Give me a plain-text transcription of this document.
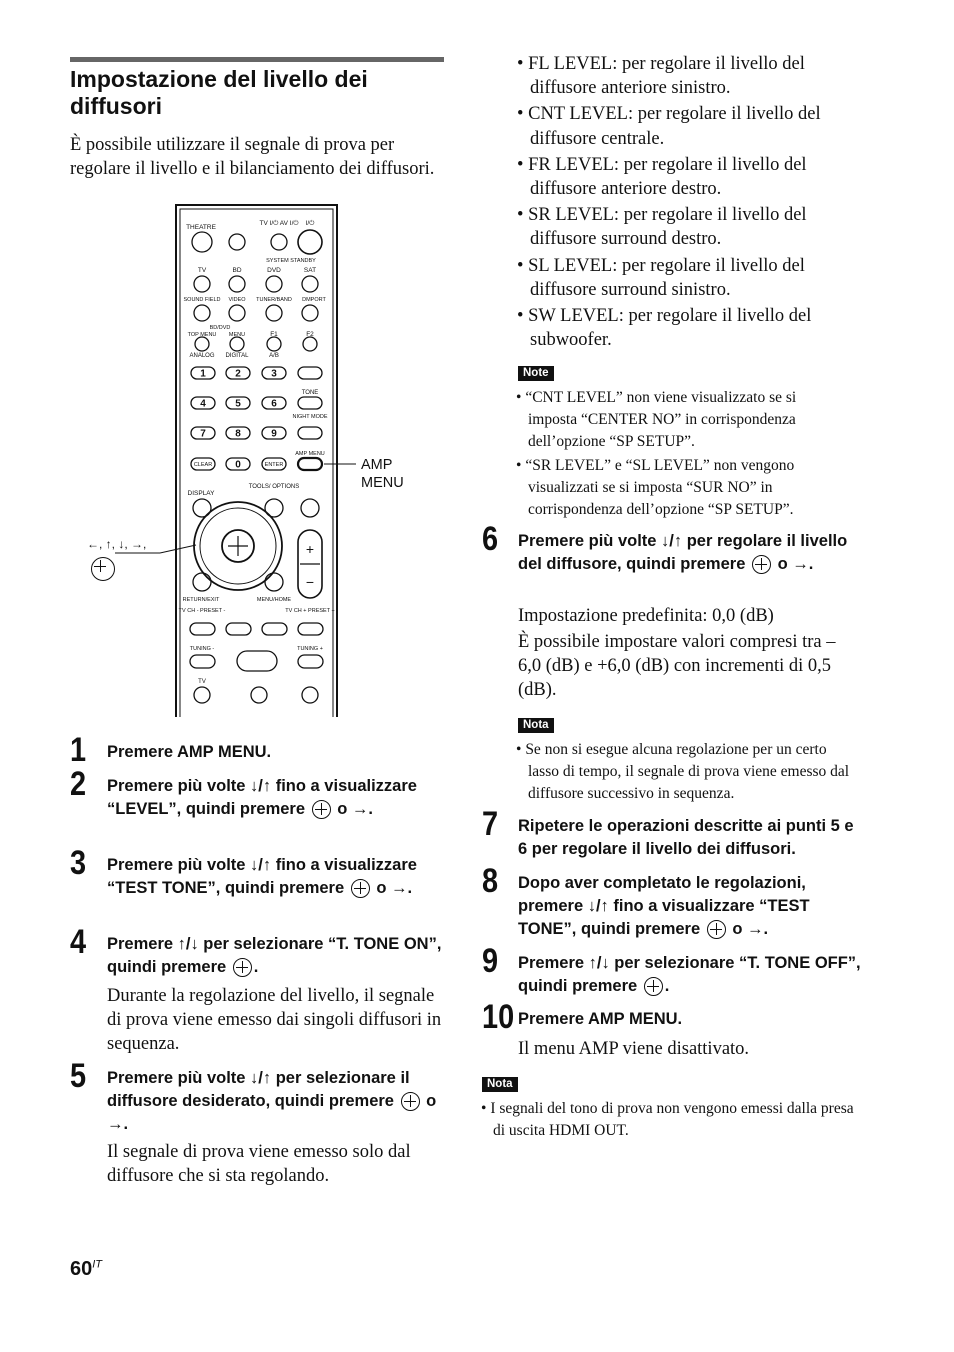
Impostazione del livello dei diffusori
È possibile utilizzare il segnale di prova per regolare il livello e il bilanciamento dei diffusori.
THEATRE
TV I/⏻ AV I/⏻ I/⏻
SYSTEM STANDBY
TV	BD	DVD	SAT
SOUND FIELD VIDEO TUNER/BAND DMPORT
BD/DVD
TOP MENU MENU	F1	F2
ANALOG DIGITAL	A/B
1	2	3
TONE
4	5	6
NIGHT MODE
7	8	9
AMP MENU
CLEAR 0	ENTER
DISPLAY
TOOLS/ OPTIONS
+
−
RETURN/EXIT	MENU/HOME
TV CH - PRESET -	TV CH + PRESET +
TUNING -	TUNING +
TV
AMP MENU
←, ↑, ↓, →,

1 Premere AMP MENU.
2 Premere più volte ↓/↑ fino a visualizzare “LEVEL”, quindi premere o →.
3 Premere più volte ↓/↑ fino a visualizzare “TEST TONE”, quindi premere o →.
4 Premere ↑/↓ per selezionare “T. TONE ON”, quindi premere .
Durante la regolazione del livello, il segnale di prova viene emesso dai singoli diffusori in sequenza.
5 Premere più volte ↓/↑ per selezionare il diffusore desiderato, quindi premere o →.
Il segnale di prova viene emesso solo dal diffusore che si sta regolando.

• FL LEVEL: per regolare il livello del diffusore anteriore sinistro.

• CNT LEVEL: per regolare il livello del diffusore centrale.

• FR LEVEL: per regolare il livello del diffusore anteriore destro.

• SR LEVEL: per regolare il livello del diffusore surround destro.

• SL LEVEL: per regolare il livello del diffusore surround sinistro.

• SW LEVEL: per regolare il livello del subwoofer.

Note

• “CNT LEVEL” non viene visualizzato se si imposta “CENTER NO” in corrispondenza dell’opzione “SP SETUP”.

• “SR LEVEL” e “SL LEVEL” non vengono visualizzati se si imposta “SUR NO” in corrispondenza dell’opzione “SP SETUP”.

6 Premere più volte ↓/↑ per regolare il livello del diffusore, quindi premere o →.
Impostazione predefinita: 0,0 (dB)
È possibile impostare valori compresi tra –6,0 (dB) e +6,0 (dB) con incrementi di 0,5 (dB).
Nota

• Se non si esegue alcuna regolazione per un certo lasso di tempo, il segnale di prova viene emesso dal diffusore successivo in sequenza.

7 Ripetere le operazioni descritte ai punti 5 e 6 per regolare il livello dei diffusori.
8 Dopo aver completato le regolazioni, premere ↓/↑ fino a visualizzare “TEST TONE”, quindi premere o →.
9 Premere ↑/↓ per selezionare “T. TONE OFF”, quindi premere .
10 Premere AMP MENU.
Il menu AMP viene disattivato.
Nota

• I segnali del tono di prova non vengono emessi dalla presa di uscita HDMI OUT.

$60^{IT}$
